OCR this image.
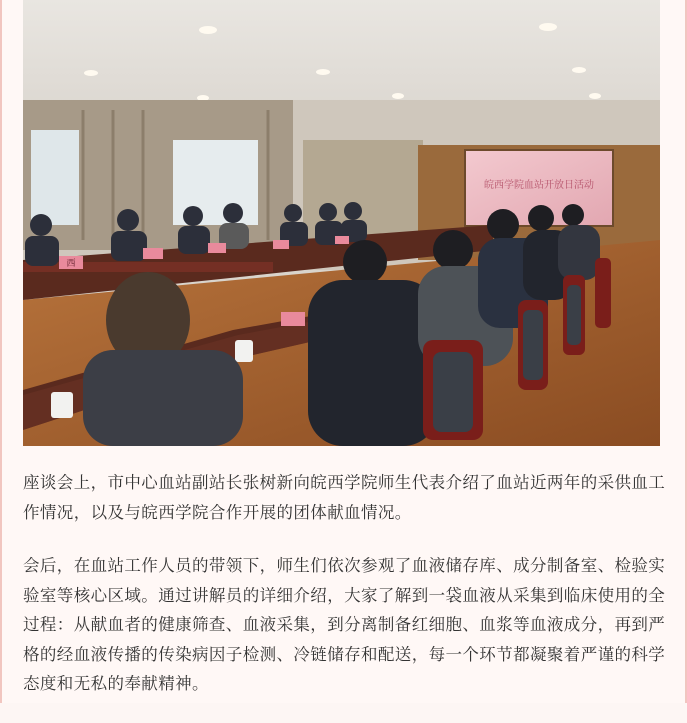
皖西学院血站开放日活动
西

座谈会上，市中心血站副站长张树新向皖西学院师生代表介绍了血站近两年的采供血工作情况，以及与皖西学院合作开展的团体献血情况。

会后，在血站工作人员的带领下，师生们依次参观了血液储存库、成分制备室、检验实验室等核心区域。通过讲解员的详细介绍，大家了解到一袋血液从采集到临床使用的全过程：从献血者的健康筛查、血液采集，到分离制备红细胞、血浆等血液成分，再到严格的经血液传播的传染病因子检测、冷链储存和配送，每一个环节都凝聚着严谨的科学态度和无私的奉献精神。
